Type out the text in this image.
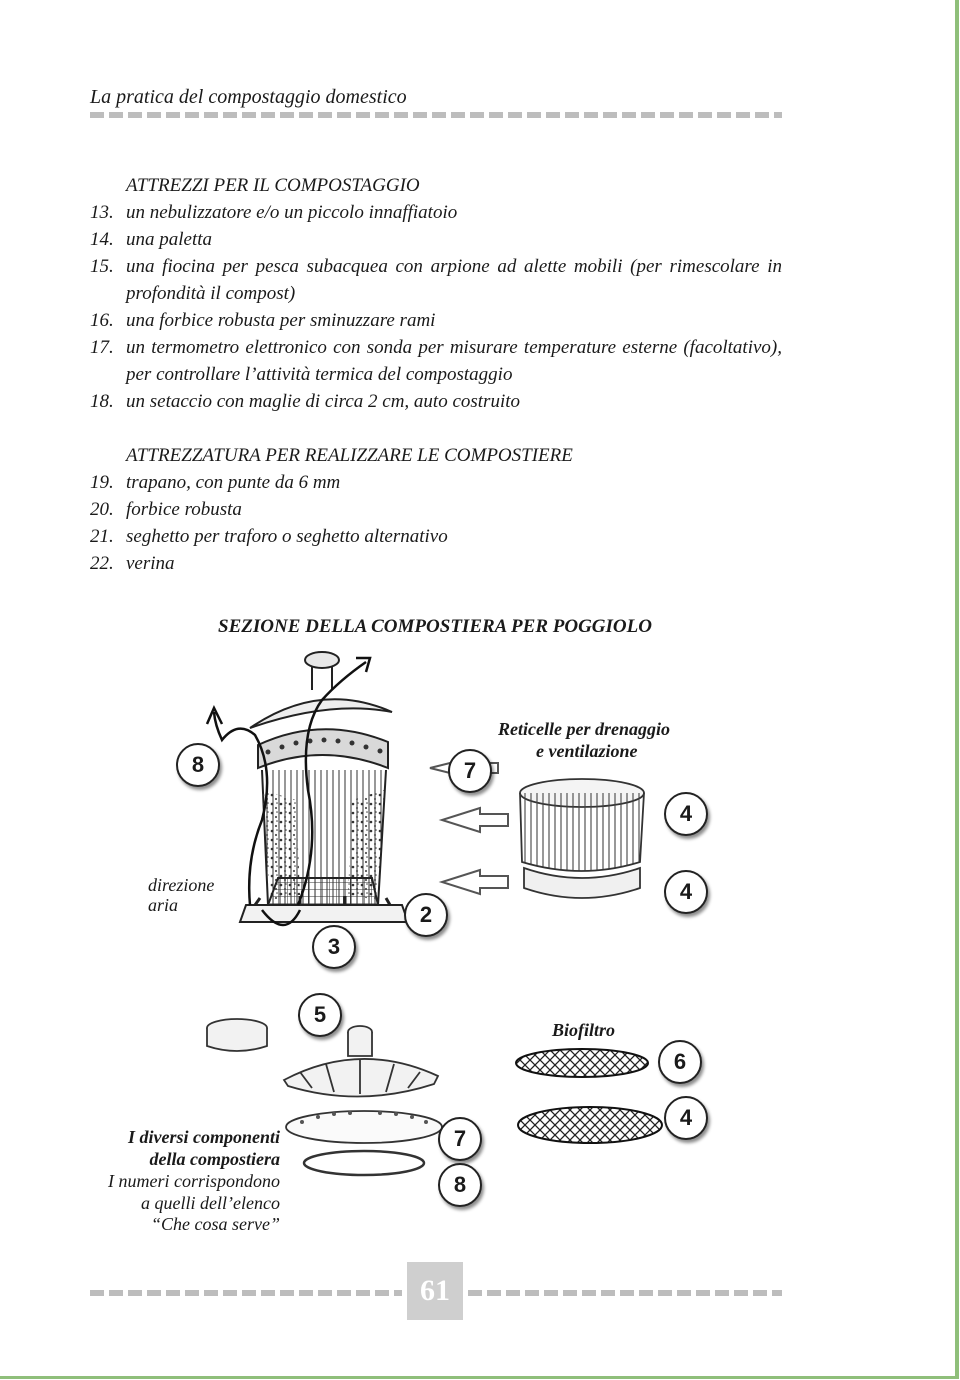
La pratica del compostaggio domestico
ATTREZZI PER IL COMPOSTAGGIO
13. un nebulizzatore e/o un piccolo innaffiatoio
14. una paletta
15. una fiocina per pesca subacquea con arpione ad alette mobili (per rimescolare in profondità il compost)
16. una forbice robusta per sminuzzare rami
17. un termometro elettronico con sonda per misurare temperature esterne (facoltativo), per controllare l’attività termica del compostaggio
18. un setaccio con maglie di circa 2 cm, auto costruito
ATTREZZATURA PER REALIZZARE LE COMPOSTIERE
19. trapano, con punte da 6 mm
20. forbice robusta
21. seghetto per traforo o seghetto alternativo
22. verina
SEZIONE DELLA COMPOSTIERA PER POGGIOLO
Reticelle per drenaggio
e ventilazione
direzione
aria
Biofiltro
I diversi componenti
della compostiera
I numeri corrispondono
a quelli dell’elenco
“Che cosa serve”
8	7
4
4
2
3
5
6
4
7
8
61
